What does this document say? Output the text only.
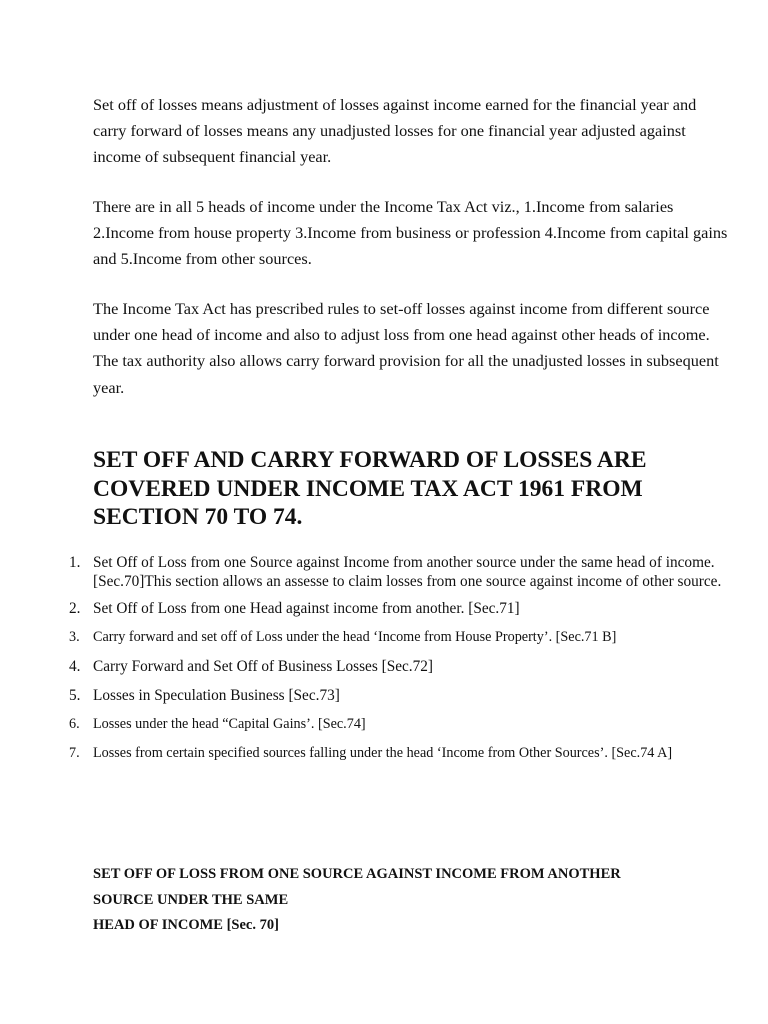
Set off of losses means adjustment of losses against income earned for the financial year and carry forward of losses means any unadjusted losses for one financial year adjusted against income of subsequent financial year.

There are in all 5 heads of income under the Income Tax Act viz., 1.Income from salaries 2.Income from house property 3.Income from business or profession 4.Income from capital gains and 5.Income from other sources.

The Income Tax Act has prescribed rules to set-off losses against income from different source under one head of income and also to adjust loss from one head against other heads of income. The tax authority also allows carry forward provision for all the unadjusted losses in subsequent year.

SET OFF AND CARRY FORWARD OF LOSSES ARE COVERED UNDER INCOME TAX ACT 1961 FROM SECTION 70 TO 74.
1. Set Off of Loss from one Source against Income from another source under the same head of income.[Sec.70]This section allows an assesse to claim losses from one source against income of other source.
2. Set Off of Loss from one Head against income from another. [Sec.71]
3. Carry forward and set off of Loss under the head ‘Income from House Property’. [Sec.71 B]
4. Carry Forward and Set Off of Business Losses [Sec.72]
5. Losses in Speculation Business [Sec.73]
6. Losses under the head “Capital Gains’. [Sec.74]
7. Losses from certain specified sources falling under the head ‘Income from Other Sources’. [Sec.74 A]
SET OFF OF LOSS FROM ONE SOURCE AGAINST INCOME FROM ANOTHER
SOURCE UNDER THE SAME
HEAD OF INCOME [Sec. 70]
